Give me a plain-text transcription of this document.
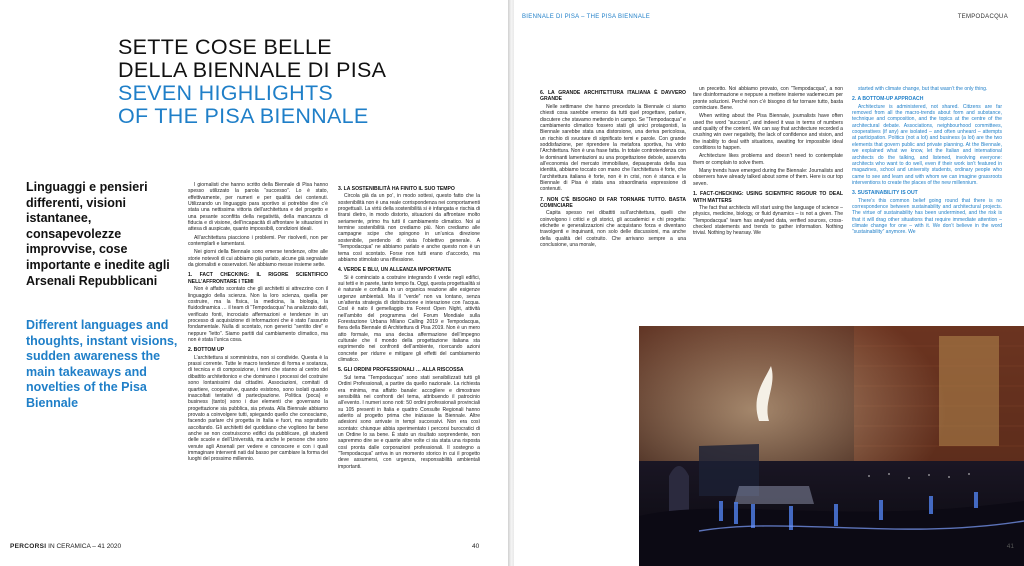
SETTE COSE BELLE
DELLA BIENNALE DI PISA
SEVEN HIGHLIGHTS
OF THE PISA BIENNALE
Linguaggi e pensieri differenti, visioni istantanee, consapevolezze improvvise, cose importante e inedite agli Arsenali Repubblicani
Different languages and thoughts, instant visions, sudden awareness the main takeaways and novelties of the Pisa Biennale

I giornalisti che hanno scritto della Biennale di Pisa hanno spesso utilizzato la parola “successo”. Lo è stato, effettivamente, per numeri e per qualità dei contenuti. Utilizzando un linguaggio para sportivo si potrebbe dire c’è stata una nettissima vittoria dell’architettura e del progetto e una pesante sconfitta della negatività, della mancanza di fiducia e di visione, dell’incapacità di affrontare le situazioni in attesa di auspicate, quanto impossibili, condizioni ideali.

All’architettura piacciono i problemi. Per risolverli, non per contemplarli e lamentarsi.

Nei giorni della Biennale sono emerse tendenze, oltre alle storie notevoli di cui abbiamo già parlato, alcune già segnalate da giornalisti e osservatori. Ne abbiamo messe insieme sette.

1. FACT CHECKING: IL RIGORE SCIENTIFICO NELL’AFFRONTARE I TEMI

Non è affatto scontato che gli architetti si attrezzino con il linguaggio della scienza. Non la loro scienza, quella per costruire, ma la fisica, la medicina, la biologia, la fluidodinamica … il team di “Tempodacqua” ha analizzato dati, verificato fonti, incrociato affermazioni e tendenze in un processo di acquisizione di informazioni che è stato l’assunto fondamentale. Nulla di scontato, non generici “sentito dire” e neppure “letto”. Siamo partiti dal cambiamento climatico, ma non è stata l’unica cosa.

2. BOTTOM UP

L’architettura si somministra, non si condivide. Questa è la prassi corrente. Tutte le macro tendenze di forma e sostanza, di tecnica e di composizione, i temi che stanno al centro del dibattito architettonico e che dominano i processi del costruire sono lontanissimi dai cittadini. Associazioni, comitati di quartiere, cooperative, quando esistono, sono isolati quando inascoltati tentativi di partecipazione. Politica (poca) e business (tanto) sono i due elementi che governano la progettazione sia pubblica, sia privata. Alla Biennale abbiamo provato a coinvolgere tutti, spiegando quello che conosciamo, facendo parlare chi progetta in Italia e fuori, ma soprattutto ascoltando. Gli architetti del quotidiano che vogliono far bene anche se non costruiscono edifici da pubblicare, gli studenti delle scuole e dell’Università, ma anche le persone che sono venute agli Arsenali per vedere e conoscere e con i quali immaginare interventi nati dal basso per cambiare la forma dei luoghi del prossimo millennio.

3. LA SOSTENIBILITÀ HA FINITO IL SUO TEMPO

Circola già da un po’, in modo sottesi, questo fatto che la sostenibilità non è una reale corrispondenza nei comportamenti progettuali. La virtù della sostenibilità si è infangata e rischia di tirarsi dietro, in modo distorto, situazioni da affrontare molto seriamente, primo fra tutti il cambiamento climatico. Noi ai termine sostenibilità non crediamo più. Non crediamo alle campagne scipe che spingono in un’unica direzione sostenibile, perdendo di vista l’obiettivo generale. A “Tempodacqua” ne abbiamo parlato e anche questo non è un tema così scontato. Forse non tutti erano d’accordo, ma abbiamo stimolato una riflessione.

4. VERDE E BLU, UN ALLEANZA IMPORTANTE

Si è cominciato a costruire integrando il verde negli edifici, sui tetti e in parete, tanto tempo fa. Oggi, questa progettualità si è naturale e confluita in un organica reazione alle esigenze urgenze ambientali. Ma il “verde” non va lontano, senza un’attenta strategia di distribuzione e interazione con l’acqua. Così è nato il gemellaggio tra Forest Open Night, attività nell’ambito del programma del Forum Mondiale sulla Forestazione Urbana Milano Calling 2019 e Tempodacqua, fiera della Biennale di Architettura di Pisa 2019. Non è un mero atto formale, ma una decisa affermazione dell’impegno culturale che il mondo della progettazione italiana sta esprimendo nei confronti dell’ambiente, ricercando azioni concrete per ridurre e mitigare gli effetti del cambiamento climatico.

5. GLI ORDINI PROFESSIONALI … ALLA RISCOSSA

Sul tema “Tempodacqua” sono stati sensibilizzati tutti gli Ordini Professionali, a partire da quello nazionale. La richiesta era minima, ma affatto banale: accogliere e dimostrare sensibilità nei confronti del tema, attribuendo il patrocinio all’evento. I numeri sono noti: 50 ordini professionali provinciali su 105 presenti in Italia e quattro Consulte Regionali hanno aderito al progetto prima che iniziasse la Biennale. Altre adesioni sono arrivate in tempi successivi. Non era così scontato: chiunque abbia sperimentato i percorsi burocratici di un Ordine lo sa bene. È stato un risultato sorprendente, non sapremmo dire se e quante altre volte ci sia stata una risposta così pronta dalle corporazioni professionali. Il sostegno a “Tempodacqua” arriva in un momento storico in cui il progetto deve assumersi, con urgenza, responsabilità ambientali importanti.

PERCORSI IN CERAMICA – 41 2020	40
BIENNALE DI PISA – THE PISA BIENNALE	TEMPODACQUA
6. LA GRANDE ARCHITETTURA ITALIANA È DAVVERO GRANDE

Nelle settimane che hanno preceduto la Biennale ci siamo chiesti cosa sarebbe emerso da tutti quel progettare, parlare, discutere che stavamo mettendo in campo. Se “Tempodacqua” e cambiamento climatico fossero stati gli unici protagonisti, la Biennale sarebbe stata una distorsione, una deriva pericolosa, un rischio di svuotare di significato temi e parole. Con grande soddisfazione, per riprendere la metafora sportiva, ha vinto l’Architettura. Non è una frase fatta. In totale controtendenza con le dominanti lamentazioni su una progettazione debole, asservita all’economia del mercato immobiliare, depauperata della sua identità, abbiamo toccato con mano che l’architettura è forte, che l’architettura italiana è forte, non è in crisi, non è stanca e la Biennale di Pisa è stata una straordinaria espressione di contenuti.

7. NON C’È BISOGNO DI FAR TORNARE TUTTO. BASTA COMINCIARE

Capita spesso nei dibattiti sull’architettura, quelli che coinvolgono i critici e gli storici, gli accademici e chi progetta: etichette e generalizzazioni che acquistano forza e diventano travolgenti e inquinanti, non solo delle discussioni, ma anche della qualità del costruito. Che arrivano sempre a una conclusione, una morale,

un precetto. Noi abbiamo provato, con “Tempodacqua”, a non fare disinformazione e neppure a mettere insieme vademecum per pronte soluzioni. Perché non c’è bisogno di far tornare tutto, basta cominciare. Bene.

When writing about the Pisa Biennale, journalists have often used the word “success”, and indeed it was in terms of numbers and quality of the content. We can say that architecture recorded a crushing win over negativity, the lack of confidence and vision, and the inability to deal with situations, awaiting for impossible ideal conditions to happen.

Architecture likes problems and doesn’t need to contemplate them or complain to solve them.

Many trends have emerged during the Biennale: Journalists and observers have already talked about some of them. Here is our top seven.

1. FACT-CHECKING: USING SCIENTIFIC RIGOUR TO DEAL WITH MATTERS

The fact that architects will start using the language of science – physics, medicine, biology, or fluid dynamics – is not a given. The “Tempodacqua” team has analysed data, verified sources, cross-checked statements and trends to gather information. Nothing trivial. Nothing by hearsay. We

started with climate change, but that wasn’t the only thing.

2. A BOTTOM-UP APPROACH

Architecture is administered, not shared. Citizens are far removed from all the macro-trends about form and substance, technique and composition, and the topics at the centre of the architectural debate. Associations, neighbourhood committees, cooperatives (if any) are isolated – and often unheard – attempts at participation. Politics (not a lot) and business (a lot) are the two elements that govern public and private planning. At the Biennale, we explained what we know, let the Italian and international architects do the talking, and listened, involving everyone: architects who want to do well, even if their work isn’t featured in magazines, school and university students, ordinary people who came to see and learn and with whom we can imagine grassroots interventions to create the places of the new millennium.

3. SUSTAINABILITY IS OUT

There’s this common belief going round that there is no correspondence between sustainability and architectural projects. The virtue of sustainability has been undermined, and the risk is that it will drag other situations that require immediate attention – climate change for one – with it. We don’t believe in the word “sustainability” anymore. We

41
